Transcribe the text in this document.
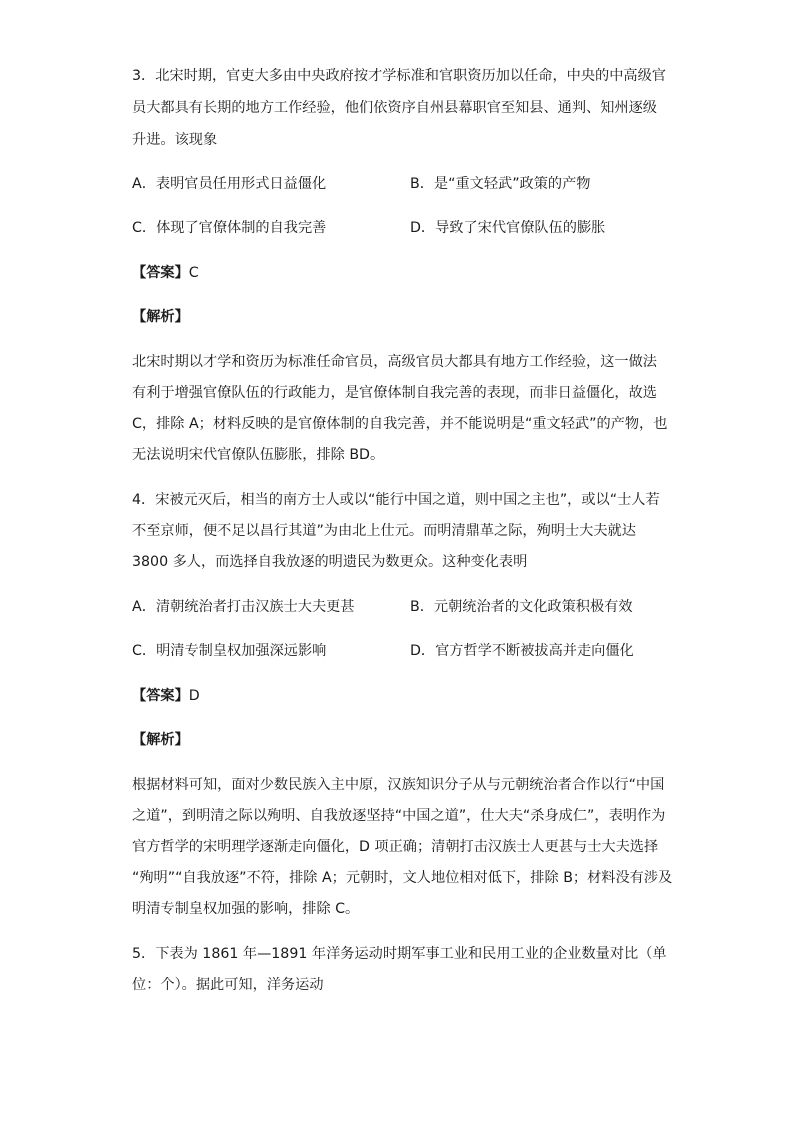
3．北宋时期，官吏大多由中央政府按才学标准和官职资历加以任命，中央的中高级官
员大都具有长期的地方工作经验，他们依资序自州县幕职官至知县、通判、知州逐级
升进。该现象
A．表明官员任用形式日益僵化	B．是“重文轻武”政策的产物
C．体现了官僚体制的自我完善	D．导致了宋代官僚队伍的膨胀
【答案】C
【解析】
北宋时期以才学和资历为标准任命官员，高级官员大都具有地方工作经验，这一做法
有利于增强官僚队伍的行政能力，是官僚体制自我完善的表现，而非日益僵化，故选
C，排除 A；材料反映的是官僚体制的自我完善，并不能说明是“重文轻武”的产物，也
无法说明宋代官僚队伍膨胀，排除 BD。
4．宋被元灭后，相当的南方士人或以“能行中国之道，则中国之主也”，或以“士人若
不至京师，便不足以昌行其道”为由北上仕元。而明清鼎革之际，殉明士大夫就达
3800 多人，而选择自我放逐的明遗民为数更众。这种变化表明
A．清朝统治者打击汉族士大夫更甚	B．元朝统治者的文化政策积极有效
C．明清专制皇权加强深远影响	D．官方哲学不断被拔高并走向僵化
【答案】D
【解析】
根据材料可知，面对少数民族入主中原，汉族知识分子从与元朝统治者合作以行“中国
之道”，到明清之际以殉明、自我放逐坚持“中国之道”，仕大夫“杀身成仁”，表明作为
官方哲学的宋明理学逐渐走向僵化，D 项正确；清朝打击汉族士人更甚与士大夫选择
“殉明”“自我放逐”不符，排除 A；元朝时，文人地位相对低下，排除 B；材料没有涉及
明清专制皇权加强的影响，排除 C。
5．下表为 1861 年—1891 年洋务运动时期军事工业和民用工业的企业数量对比（单
位：个）。据此可知，洋务运动
